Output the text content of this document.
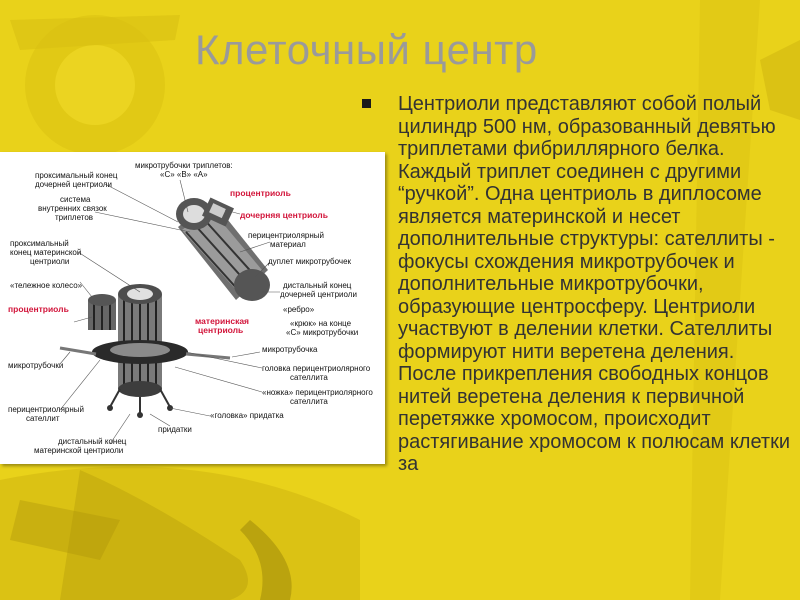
Клеточный центр
Центриоли представляют собой полый цилиндр 500 нм, образованный девятью триплетами фибриллярного белка. Каждый триплет соединен с другими “ручкой”. Одна центриоль в диплосоме является материнской и несет дополнительные структуры: сателлиты - фокусы схождения микротрубочек и дополнительные микротрубочки, образующие центросферу. Центриоли участвуют в делении клетки. Сателлиты формируют нити веретена деления. После прикрепления свободных концов нитей веретена деления к первичной перетяжке хромосом, происходит растягивание хромосом к полюсам клетки за
микротрубочки триплетов:
«С» «В» «А»
проксимальный конец
дочерней центриоли
система
внутренних связок
триплетов
процентриоль
дочерняя центриоль
перицентриолярный
материал
проксимальный
конец материнской
центриоли	дуплет микротрубочек
«тележное колесо»	дистальный конец
дочерней центриоли
процентриоль	«ребро»
материнская
центриоль
«крюк» на конце
«С» микротрубочки
микротрубочка
микротрубочки	головка перицентриолярного
сателлита
«ножка» перицентриолярного
сателлита
перицентриолярный
сателлит	«головка» придатка
придатки
дистальный конец
материнской центриоли
